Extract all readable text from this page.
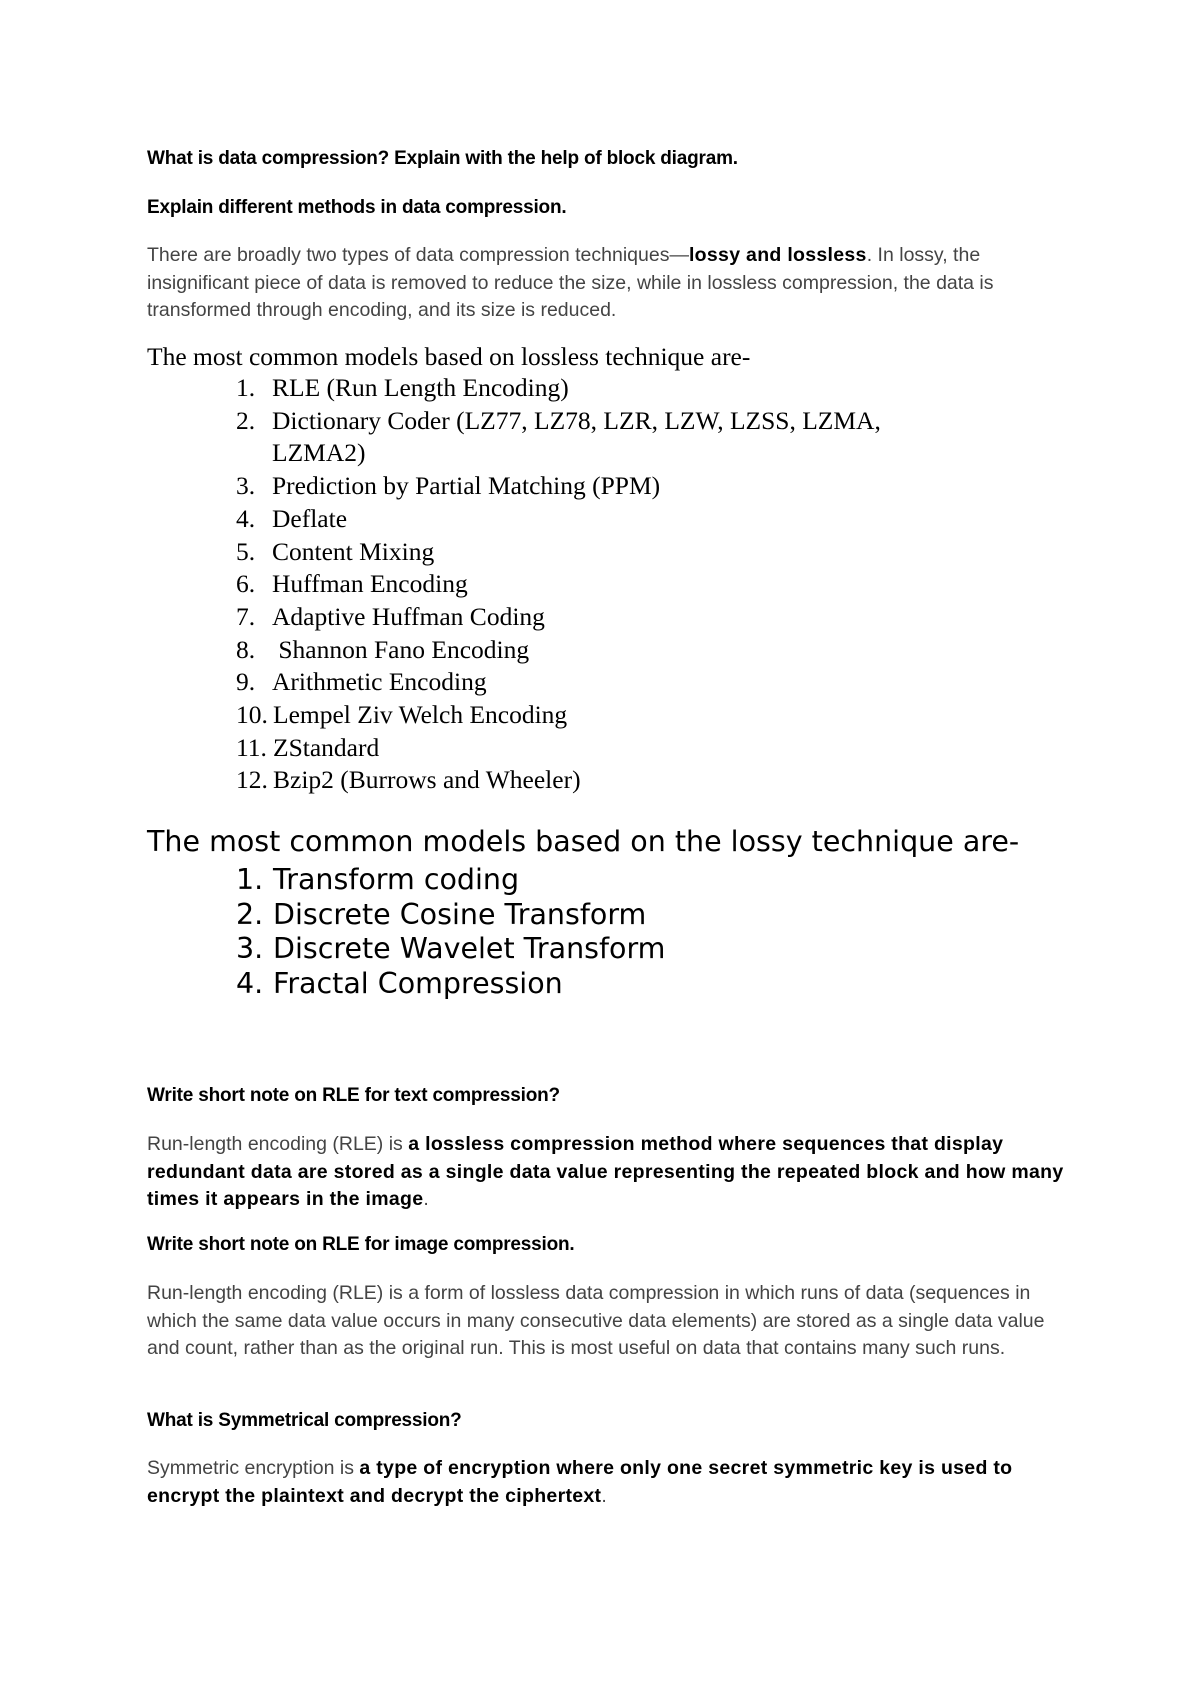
What is data compression? Explain with the help of block diagram.
Explain different methods in data compression.
There are broadly two types of data compression techniques—lossy and lossless. In lossy, the insignificant piece of data is removed to reduce the size, while in lossless compression, the data is transformed through encoding, and its size is reduced.
The most common models based on lossless technique are-
1. RLE (Run Length Encoding)
2. Dictionary Coder (LZ77, LZ78, LZR, LZW, LZSS, LZMA, LZMA2)
3. Prediction by Partial Matching (PPM)
4. Deflate
5. Content Mixing
6. Huffman Encoding
7. Adaptive Huffman Coding
8. Shannon Fano Encoding
9. Arithmetic Encoding
10. Lempel Ziv Welch Encoding
11. ZStandard
12. Bzip2 (Burrows and Wheeler)
The most common models based on the lossy technique are-
1. Transform coding
2. Discrete Cosine Transform
3. Discrete Wavelet Transform
4. Fractal Compression
Write short note on RLE for text compression?
Run-length encoding (RLE) is a lossless compression method where sequences that display redundant data are stored as a single data value representing the repeated block and how many times it appears in the image.
Write short note on RLE for image compression.
Run-length encoding (RLE) is a form of lossless data compression in which runs of data (sequences in which the same data value occurs in many consecutive data elements) are stored as a single data value and count, rather than as the original run. This is most useful on data that contains many such runs.
What is Symmetrical compression?
Symmetric encryption is a type of encryption where only one secret symmetric key is used to encrypt the plaintext and decrypt the ciphertext.
